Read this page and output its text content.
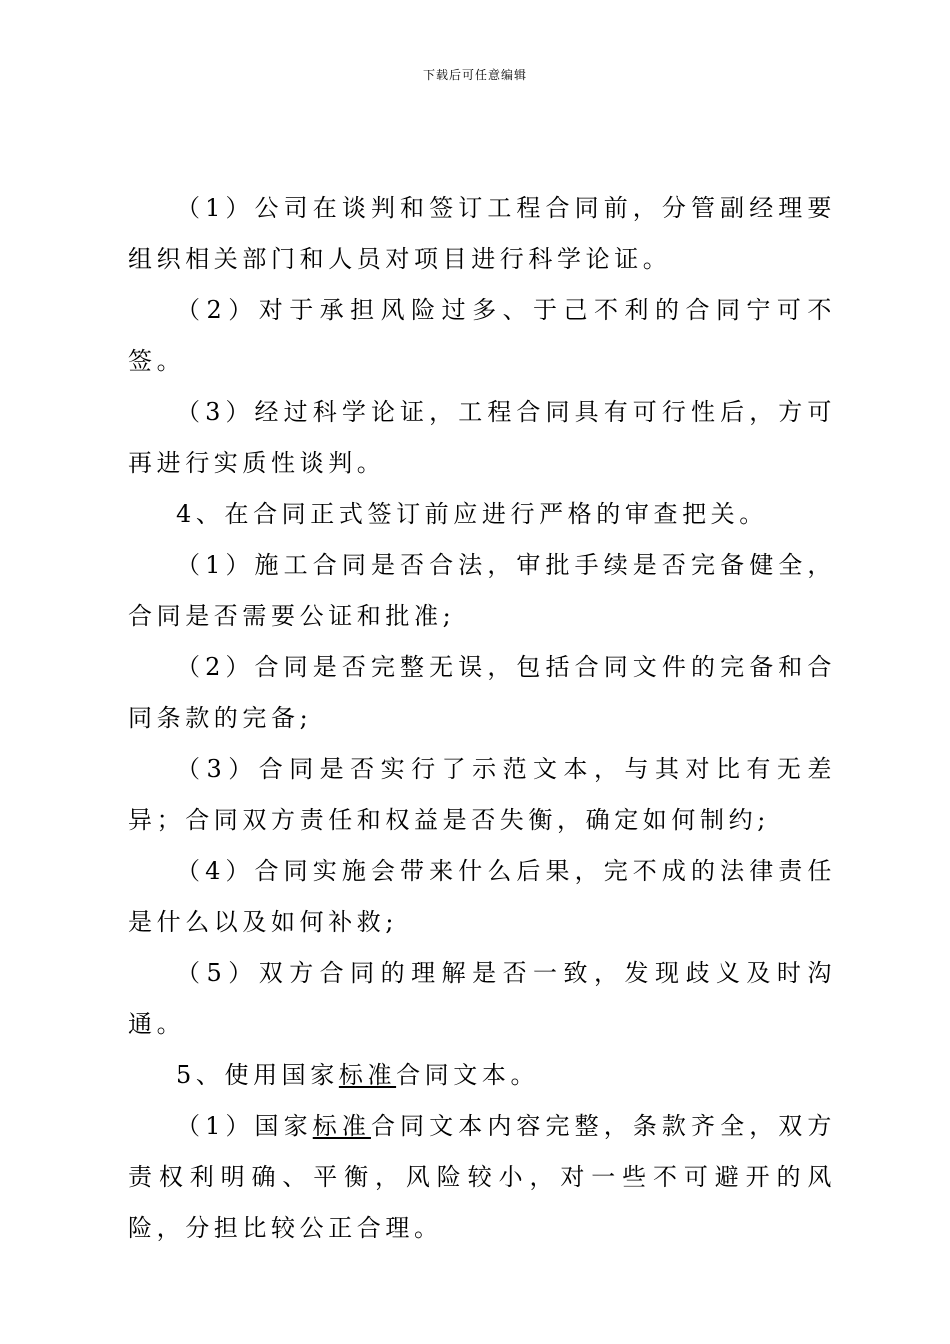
下载后可任意编辑

（1）公司在谈判和签订工程合同前，分管副经理要组织相关部门和人员对项目进行科学论证。

（2）对于承担风险过多、于己不利的合同宁可不签。

（3）经过科学论证，工程合同具有可行性后，方可再进行实质性谈判。

4、在合同正式签订前应进行严格的审查把关。

（1）施工合同是否合法，审批手续是否完备健全，合同是否需要公证和批准;

（2）合同是否完整无误，包括合同文件的完备和合同条款的完备;

（3）合同是否实行了示范文本，与其对比有无差异；合同双方责任和权益是否失衡，确定如何制约;

（4）合同实施会带来什么后果，完不成的法律责任是什么以及如何补救;

（5）双方合同的理解是否一致，发现歧义及时沟通。

5、使用国家标准合同文本。

（1）国家标准合同文本内容完整，条款齐全，双方责权利明确、平衡，风险较小，对一些不可避开的风险，分担比较公正合理。
